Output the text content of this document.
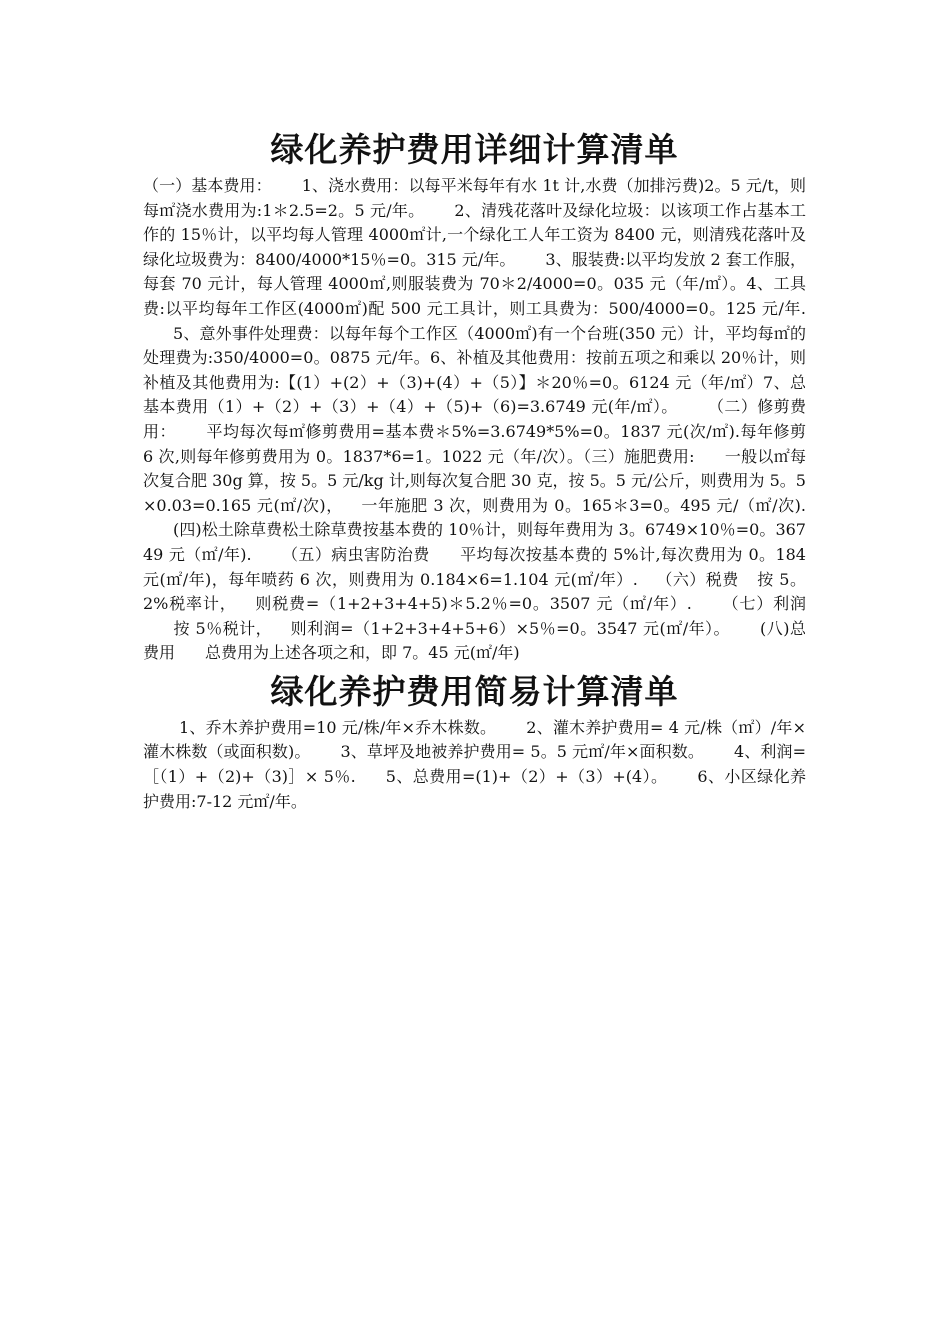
绿化养护费用详细计算清单

（一）基本费用： 1、浇水费用：以每平米每年有水 1t 计,水费（加排污费)2。5 元/t，则每㎡浇水费用为:1＊2.5=2。5 元/年。 2、清残花落叶及绿化垃圾：以该项工作占基本工作的 15％计，以平均每人管理 4000㎡计,一个绿化工人年工资为 8400 元，则清残花落叶及绿化垃圾费为：8400/4000*15％=0。315 元/年。 3、服装费:以平均发放 2 套工作服，每套 70 元计，每人管理 4000㎡,则服装费为 70＊2/4000=0。035 元（年/㎡）。4、工具费:以平均每年工作区(4000㎡)配 500 元工具计，则工具费为：500/4000=0。125 元/年.5、意外事件处理费：以每年每个工作区（4000㎡)有一个台班(350 元）计，平均每㎡的处理费为:350/4000=0。0875 元/年。6、补植及其他费用：按前五项之和乘以 20％计，则补植及其他费用为:【(1）+(2）+（3)+(4）+（5）】＊20％=0。6124 元（年/㎡）7、总基本费用（1）+（2）+（3）+（4）+（5)+（6)=3.6749 元(年/㎡）。 （二）修剪费用： 平均每次每㎡修剪费用=基本费＊5%=3.6749*5%=0。1837 元(次/㎡).每年修剪 6 次,则每年修剪费用为 0。1837*6=1。1022 元（年/次）。（三）施肥费用: 一般以㎡每次复合肥 30g 算，按 5。5 元/kg 计,则每次复合肥 30 克，按 5。5 元/公斤，则费用为 5。5×0.03=0.165 元(㎡/次)， 一年施肥 3 次，则费用为 0。165＊3=0。495 元/（㎡/次).(四)松土除草费松土除草费按基本费的 10％计，则每年费用为 3。6749×10％=0。36749 元（㎡/年). （五）病虫害防治费 平均每次按基本费的 5%计,每次费用为 0。184 元(㎡/年)，每年喷药 6 次，则费用为 0.184×6=1.104 元(㎡/年）. （六）税费 按 5。2%税率计， 则税费=（1+2+3+4+5)＊5.2％=0。3507 元（㎡/年）. （七）利润按 5％税计， 则利润=（1+2+3+4+5+6）×5％=0。3547 元(㎡/年）。 (八)总费用 总费用为上述各项之和，即 7。45 元(㎡/年)

绿化养护费用简易计算清单

1、乔木养护费用=10 元/株/年×乔木株数。 2、灌木养护费用= 4 元/株（㎡）/年×灌木株数（或面积数)。 3、草坪及地被养护费用= 5。5 元㎡/年×面积数。 4、利润=［（1）+（2)+（3)］× 5％. 5、总费用=(1)+（2）+（3）+(4）。 6、小区绿化养护费用:7-12 元㎡/年。
